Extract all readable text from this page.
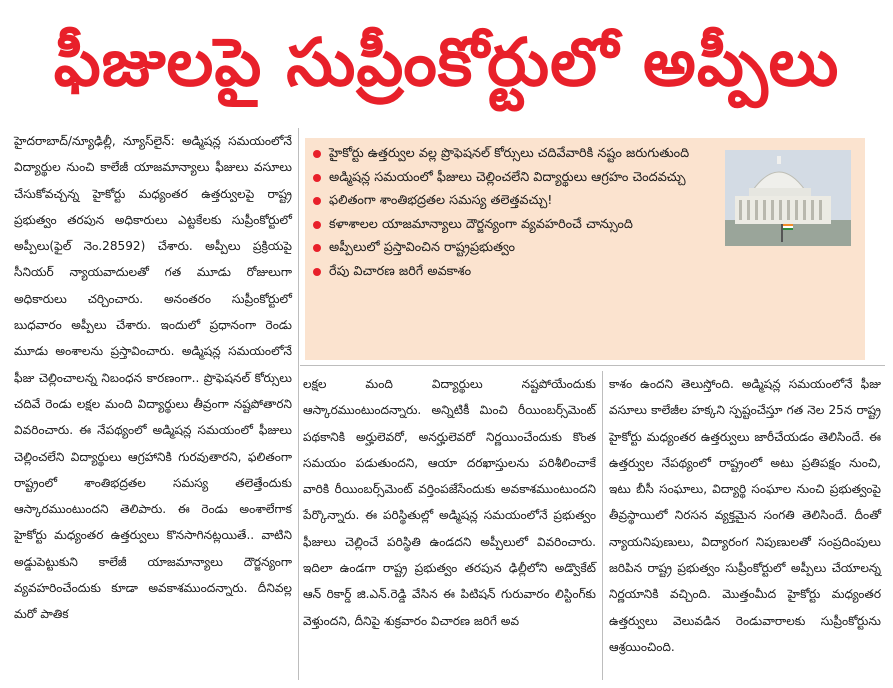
ఫీజులపై సుప్రీంకోర్టులో అప్పీలు

హైదరాబాద్/న్యూఢిల్లీ, న్యూస్‌లైన్: అడ్మిషన్ల సమయంలోనే విద్యార్థుల నుంచి కాలేజీ యాజమాన్యాలు ఫీజులు వసూలు చేసుకోవచ్చన్న హైకోర్టు మధ్యంతర ఉత్తర్వులపై రాష్ట్ర ప్రభుత్వం తరపున అధికారులు ఎట్టకేలకు సుప్రీంకోర్టులో అప్పీలు(ఫైల్ నెం.28592) చేశారు. అప్పీలు ప్రక్రియపై సీనియర్ న్యాయవాదులతో గత మూడు రోజులుగా అధికారులు చర్చించారు. అనంతరం సుప్రీంకోర్టులో బుధవారం అప్పీలు చేశారు. ఇందులో ప్రధానంగా రెండు మూడు అంశాలను ప్రస్తావించారు. అడ్మిషన్ల సమయంలోనే ఫీజు చెల్లించాలన్న నిబంధన కారణంగా.. ప్రొఫెషనల్ కోర్సులు చదివే రెండు లక్షల మంది విద్యార్థులు తీవ్రంగా నష్టపోతారని వివరించారు. ఈ నేపథ్యంలో అడ్మిషన్ల సమయంలో ఫీజులు చెల్లించలేని విద్యార్థులు ఆగ్రహానికి గురవుతారని, ఫలితంగా రాష్ట్రంలో శాంతిభద్రతల సమస్య తలెత్తేందుకు ఆస్కారముంటుందని తెలిపారు. ఈ రెండు అంశాలేగాక హైకోర్టు మధ్యంతర ఉత్తర్వులు కొనసాగినట్లయితే.. వాటిని అడ్డుపెట్టుకుని కాలేజీ యాజమాన్యాలు దౌర్జన్యంగా వ్యవహరించేందుకు కూడా అవకాశముందన్నారు. దీనివల్ల మరో పాతిక

హైకోర్టు ఉత్తర్వుల వల్ల ప్రొఫెషనల్ కోర్సులు చదివేవారికి నష్టం జరుగుతుంది
అడ్మిషన్ల సమయంలో ఫీజులు చెల్లించలేని విద్యార్థులు ఆగ్రహం చెందవచ్చు
ఫలితంగా శాంతిభద్రతల సమస్య తలెత్తవచ్చు!
కళాశాలల యాజమాన్యాలు దౌర్జన్యంగా వ్యవహరించే చాన్సుంది
అప్పీలులో ప్రస్తావించిన రాష్ట్రప్రభుత్వం
రేపు విచారణ జరిగే అవకాశం

లక్షల మంది విద్యార్థులు నష్టపోయేందుకు ఆస్కారముంటుందన్నారు. అన్నిటికీ మించి రీయింబర్స్‌మెంట్ పథకానికి అర్హులెవరో, అనర్హులెవరో నిర్ణయించేందుకు కొంత సమయం పడుతుందని, ఆయా దరఖాస్తులను పరిశీలించాకే వారికి రీయింబర్స్‌మెంట్ వర్తింపజేసేందుకు అవకాశముంటుందని పేర్కొన్నారు. ఈ పరిస్థితుల్లో అడ్మిషన్ల సమయంలోనే ప్రభుత్వం ఫీజులు చెల్లించే పరిస్థితి ఉండదని అప్పీలులో వివరించారు. ఇదిలా ఉండగా రాష్ట్ర ప్రభుత్వం తరపున ఢిల్లీలోని అడ్వొకేట్ ఆన్ రికార్డ్ జి.ఎన్.రెడ్డి వేసిన ఈ పిటిషన్ గురువారం లిస్టింగ్‌కు వెళ్తుందని, దీనిపై శుక్రవారం విచారణ జరిగే అవ

కాశం ఉందని తెలుస్తోంది. అడ్మిషన్ల సమయంలోనే ఫీజు వసూలు కాలేజీల హక్కని స్పష్టంచేస్తూ గత నెల 25న రాష్ట్ర హైకోర్టు మధ్యంతర ఉత్తర్వులు జారీచేయడం తెలిసిందే. ఈ ఉత్తర్వుల నేపథ్యంలో రాష్ట్రంలో అటు ప్రతిపక్షం నుంచి, ఇటు బీసీ సంఘాలు, విద్యార్థి సంఘాల నుంచి ప్రభుత్వంపై తీవ్రస్థాయిలో నిరసన వ్యక్తమైన సంగతి తెలిసిందే. దీంతో న్యాయనిపుణులు, విద్యారంగ నిపుణులతో సంప్రదింపులు జరిపిన రాష్ట్ర ప్రభుత్వం సుప్రీంకోర్టులో అప్పీలు చేయాలన్న నిర్ణయానికి వచ్చింది. మొత్తంమీద హైకోర్టు మధ్యంతర ఉత్తర్వులు వెలువడిన రెండువారాలకు సుప్రీంకోర్టును ఆశ్రయించింది.
